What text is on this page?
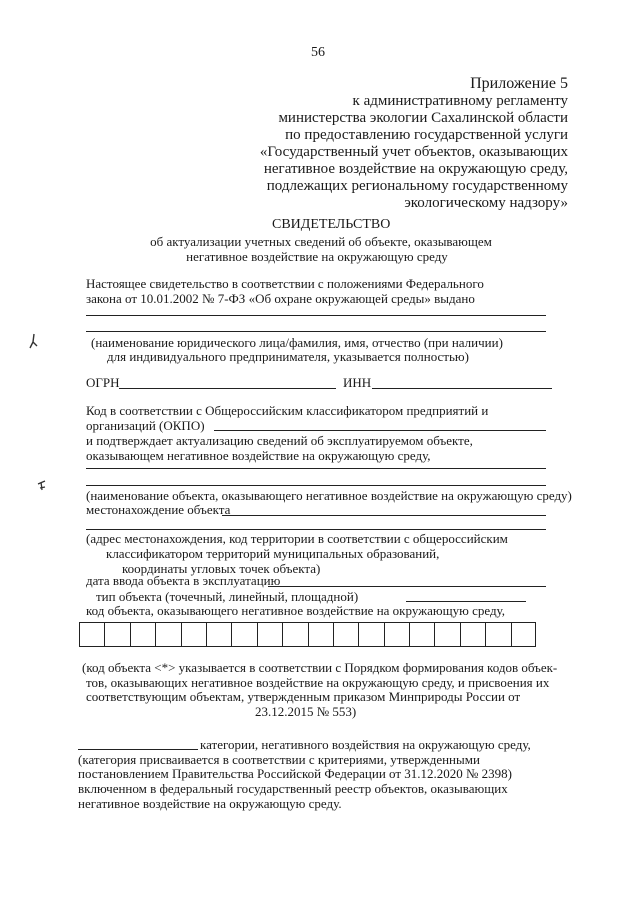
56
Приложение 5
к административному регламенту
министерства экологии Сахалинской области
по предоставлению государственной услуги
«Государственный учет объектов, оказывающих
негативное воздействие на окружающую среду,
подлежащих региональному государственному
экологическому надзору»
СВИДЕТЕЛЬСТВО
об актуализации учетных сведений об объекте, оказывающем
негативное воздействие на окружающую среду
Настоящее свидетельство в соответствии с положениями Федерального
закона от 10.01.2002 № 7-ФЗ «Об охране окружающей среды» выдано
(наименование юридического лица/фамилия, имя, отчество (при наличии)
для индивидуального предпринимателя, указывается полностью)
ОГРН	ИНН
Код в соответствии с Общероссийским классификатором предприятий и
организаций (ОКПО)
и подтверждает актуализацию сведений об эксплуатируемом объекте,
оказывающем негативное воздействие на окружающую среду,
(наименование объекта, оказывающего негативное воздействие на окружающую среду)
местонахождение объекта
(адрес местонахождения, код территории в соответствии с общероссийским
классификатором территорий муниципальных образований,
координаты угловых точек объекта)
дата ввода объекта в эксплуатацию
тип объекта (точечный, линейный, площадной)
код объекта, оказывающего негативное воздействие на окружающую среду,
(код объекта <*> указывается в соответствии с Порядком формирования кодов объек-
тов, оказывающих негативное воздействие на окружающую среду, и присвоения их
соответствующим объектам, утвержденным приказом Минприроды России от
23.12.2015 № 553)
категории, негативного воздействия на окружающую среду,
(категория присваивается в соответствии с критериями, утвержденными
постановлением Правительства Российской Федерации от 31.12.2020 № 2398)
включенном в федеральный государственный реестр объектов, оказывающих
негативное воздействие на окружающую среду.
